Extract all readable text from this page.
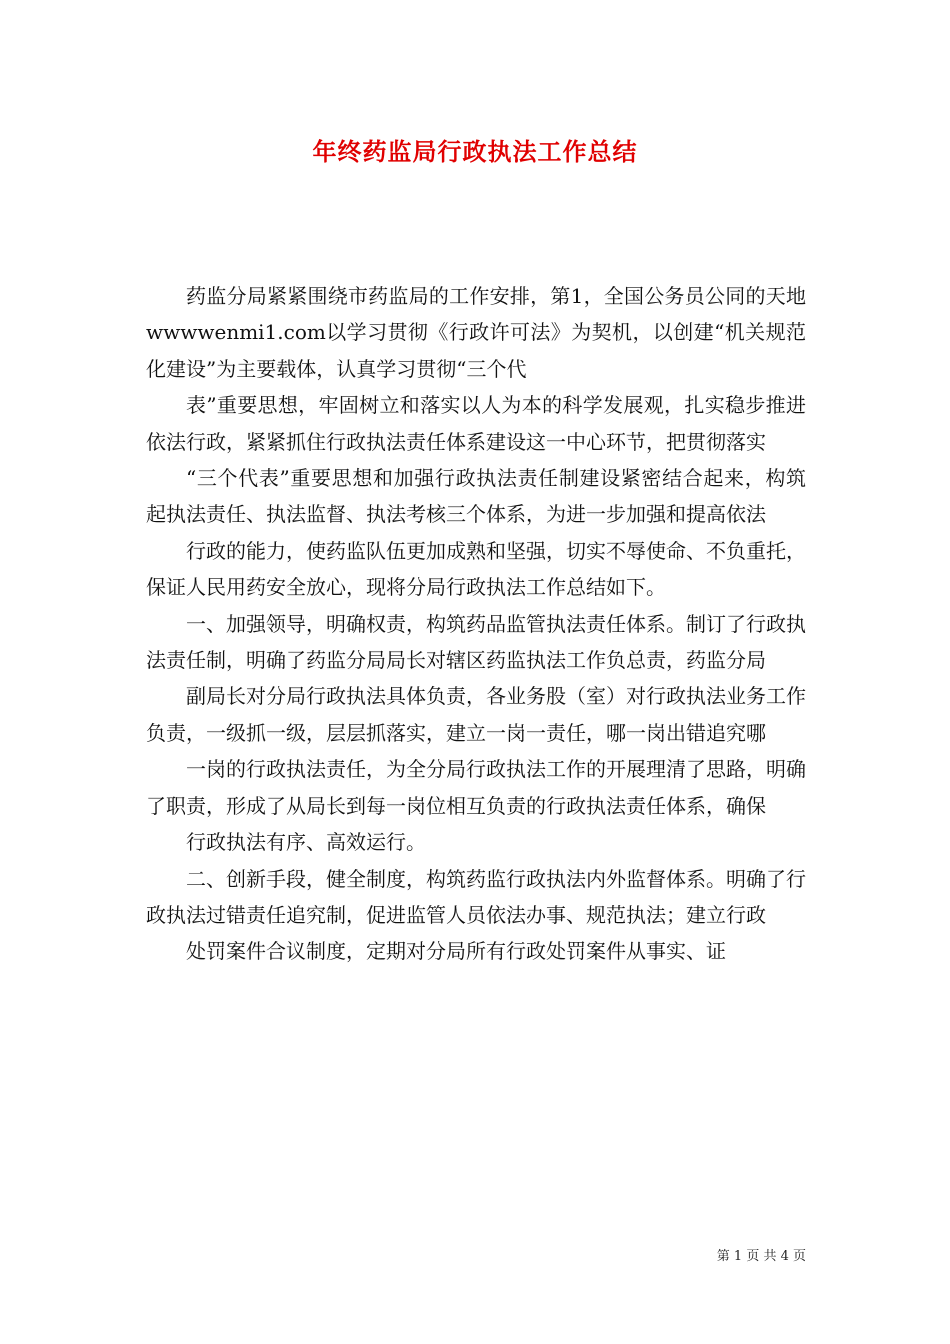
年终药监局行政执法工作总结

药监分局紧紧围绕市药监局的工作安排，第1，全国公务员公同的天地wwwwenmi1.com以学习贯彻《行政许可法》为契机，以创建“机关规范化建设”为主要载体，认真学习贯彻“三个代

表”重要思想，牢固树立和落实以人为本的科学发展观，扎实稳步推进依法行政，紧紧抓住行政执法责任体系建设这一中心环节，把贯彻落实

“三个代表”重要思想和加强行政执法责任制建设紧密结合起来，构筑起执法责任、执法监督、执法考核三个体系，为进一步加强和提高依法

行政的能力，使药监队伍更加成熟和坚强，切实不辱使命、不负重托，保证人民用药安全放心，现将分局行政执法工作总结如下。

一、加强领导，明确权责，构筑药品监管执法责任体系。制订了行政执法责任制，明确了药监分局局长对辖区药监执法工作负总责，药监分局

副局长对分局行政执法具体负责，各业务股（室）对行政执法业务工作负责，一级抓一级，层层抓落实，建立一岗一责任，哪一岗出错追究哪

一岗的行政执法责任，为全分局行政执法工作的开展理清了思路，明确了职责，形成了从局长到每一岗位相互负责的行政执法责任体系，确保

行政执法有序、高效运行。

二、创新手段，健全制度，构筑药监行政执法内外监督体系。明确了行政执法过错责任追究制，促进监管人员依法办事、规范执法；建立行政

处罚案件合议制度，定期对分局所有行政处罚案件从事实、证

第 1 页 共 4 页
